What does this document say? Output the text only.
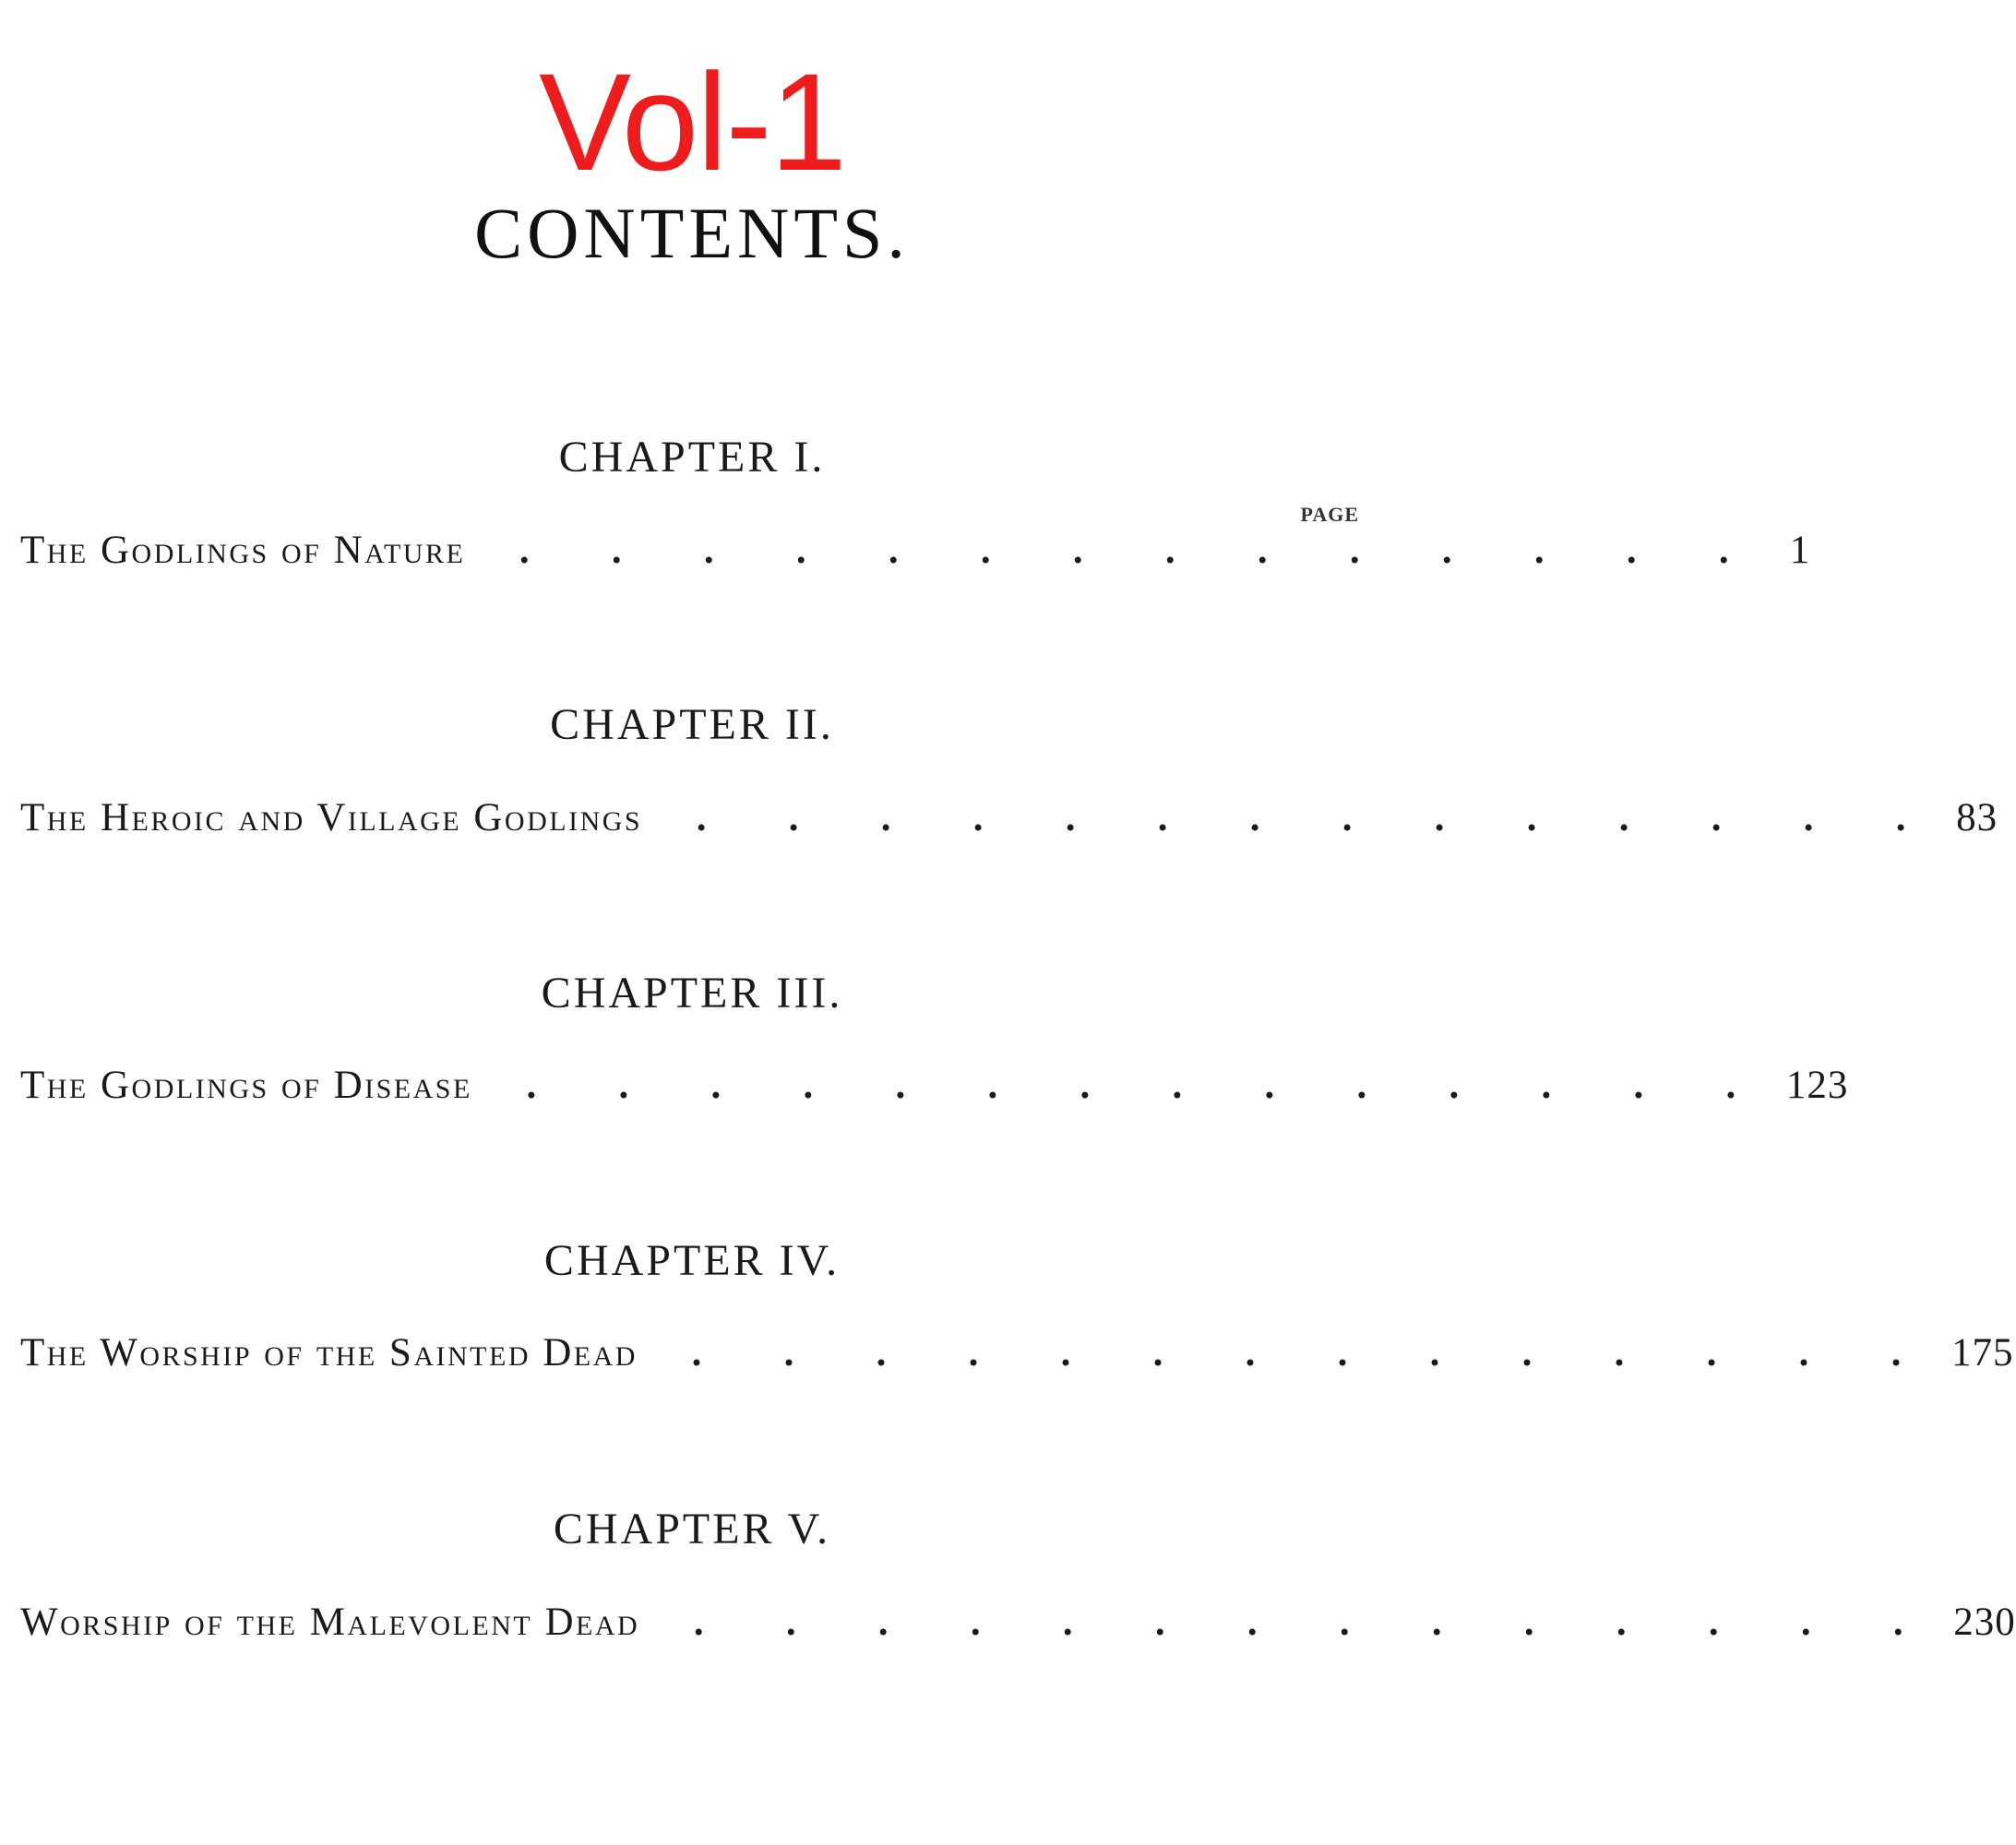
Vol-1
CONTENTS.
PAGE
CHAPTER I.
The Godlings of Nature	. . . . . . . . . . . . . .	1
CHAPTER II.
The Heroic and Village Godlings	. . . . . . . . . . . . . .	83
CHAPTER III.
The Godlings of Disease	. . . . . . . . . . . . . .	123
CHAPTER IV.
The Worship of the Sainted Dead	. . . . . . . . . . . . . .	175
CHAPTER V.
Worship of the Malevolent Dead	. . . . . . . . . . . . . .	230
